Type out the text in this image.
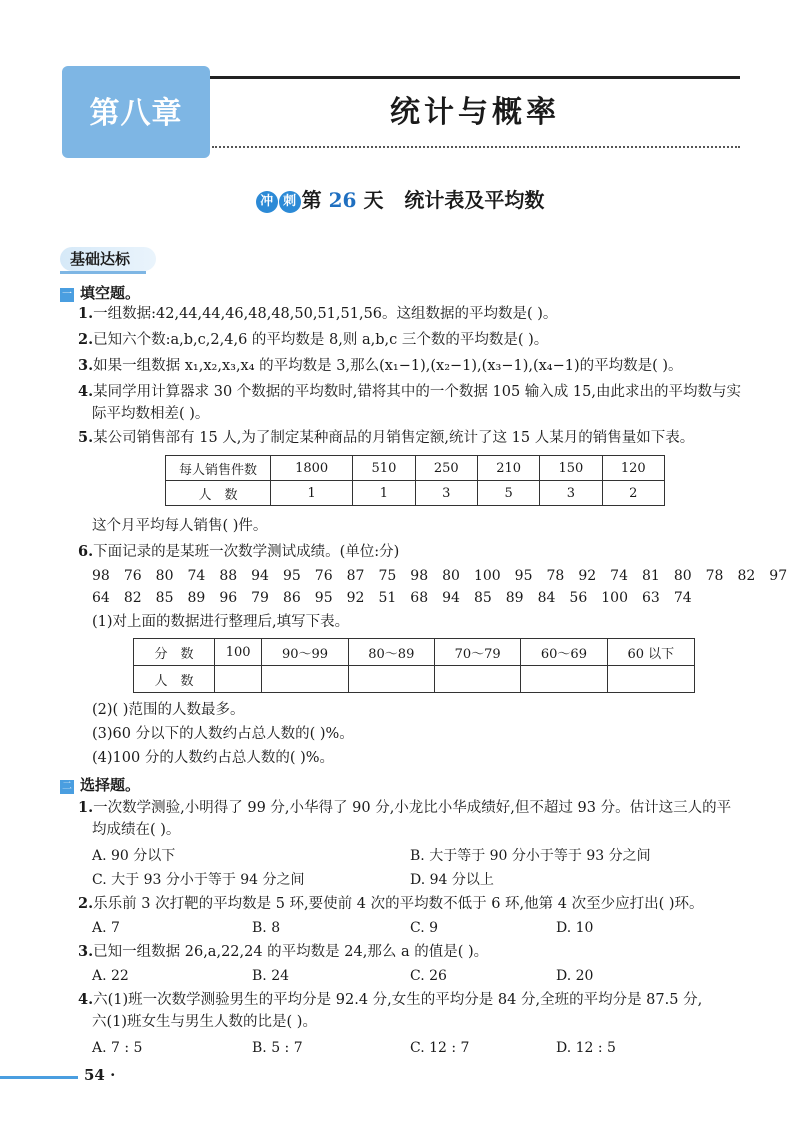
第八章	统计与概率
冲 刺 第 26 天 统计表及平均数
基础达标
一 填空题。
1.一组数据:42,44,44,46,48,48,50,51,51,56。这组数据的平均数是( )。
2.已知六个数:a,b,c,2,4,6 的平均数是 8,则 a,b,c 三个数的平均数是( )。
3.如果一组数据 x₁,x₂,x₃,x₄ 的平均数是 3,那么(x₁−1),(x₂−1),(x₃−1),(x₄−1)的平均数是( )。
4.某同学用计算器求 30 个数据的平均数时,错将其中的一个数据 105 输入成 15,由此求出的平均数与实
际平均数相差( )。
5.某公司销售部有 15 人,为了制定某种商品的月销售定额,统计了这 15 人某月的销售量如下表。
每人销售件数	1800	510	250	210	150	120
人　数	1	1	3	5	3	2
这个月平均每人销售( )件。
6.下面记录的是某班一次数学测试成绩。(单位:分)
98 76 80 74 88 94 95 76 87 75 98 80 100 95 78 92 74 81 80 78 82 97
64 82 85 89 96 79 86 95 92 51 68 94 85 89 84 56 100 63 74
(1)对上面的数据进行整理后,填写下表。
分　数	100	90～99	80～89	70～79	60～69	60 以下
人　数						
(2)( )范围的人数最多。
(3)60 分以下的人数约占总人数的( )%。
(4)100 分的人数约占总人数的( )%。
二 选择题。
1.一次数学测验,小明得了 99 分,小华得了 90 分,小龙比小华成绩好,但不超过 93 分。估计这三人的平
均成绩在( )。
A. 90 分以下	B. 大于等于 90 分小于等于 93 分之间
C. 大于 93 分小于等于 94 分之间	D. 94 分以上
2.乐乐前 3 次打靶的平均数是 5 环,要使前 4 次的平均数不低于 6 环,他第 4 次至少应打出( )环。
A. 7	B. 8	C. 9	D. 10
3.已知一组数据 26,a,22,24 的平均数是 24,那么 a 的值是( )。
A. 22	B. 24	C. 26	D. 20
4.六(1)班一次数学测验男生的平均分是 92.4 分,女生的平均分是 84 分,全班的平均分是 87.5 分,
六(1)班女生与男生人数的比是( )。
A. 7 : 5	B. 5 : 7	C. 12 : 7	D. 12 : 5
54 ·
